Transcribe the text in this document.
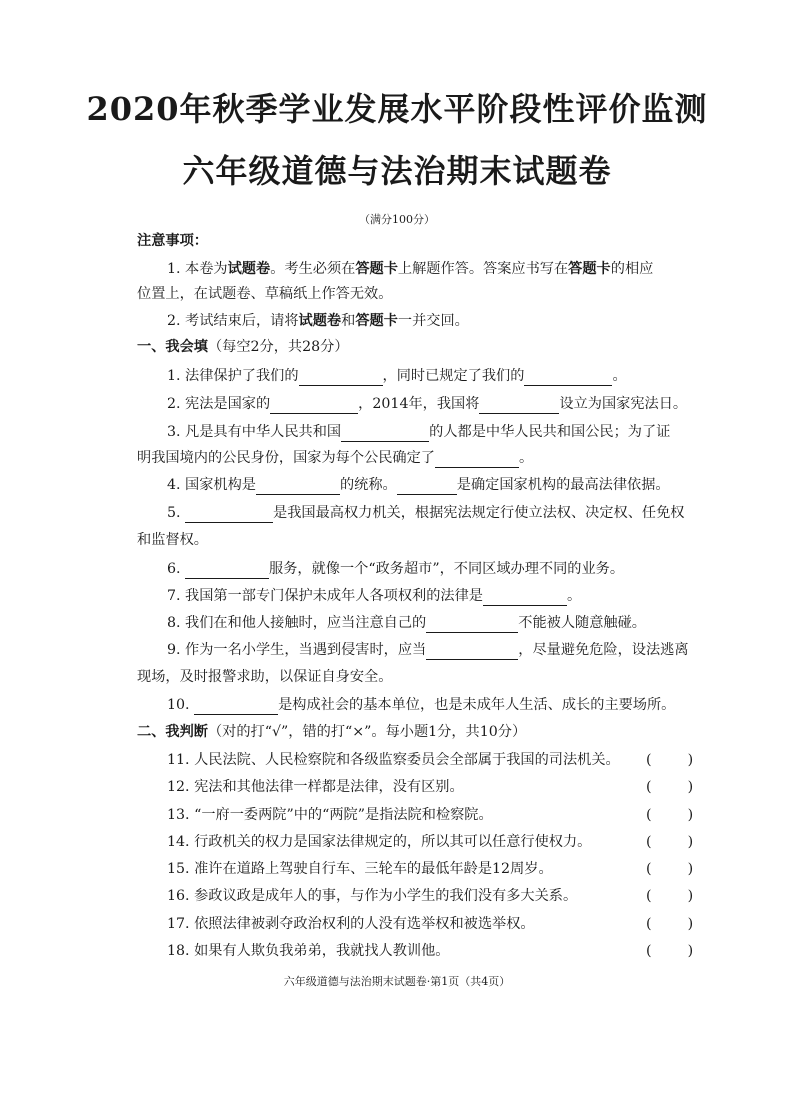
2020年秋季学业发展水平阶段性评价监测
六年级道德与法治期末试题卷
（满分100分）
注意事项：
1. 本卷为试题卷。考生必须在答题卡上解题作答。答案应书写在答题卡的相应
位置上，在试题卷、草稿纸上作答无效。
2. 考试结束后，请将试题卷和答题卡一并交回。
一、我会填（每空2分，共28分）
1. 法律保护了我们的	，同时已规定了我们的	。
2. 宪法是国家的	，2014年，我国将	设立为国家宪法日。
3. 凡是具有中华人民共和国	的人都是中华人民共和国公民；为了证
明我国境内的公民身份，国家为每个公民确定了	。
4. 国家机构是	的统称。	是确定国家机构的最高法律依据。
5.	是我国最高权力机关，根据宪法规定行使立法权、决定权、任免权
和监督权。
6.	服务，就像一个“政务超市”，不同区域办理不同的业务。
7. 我国第一部专门保护未成年人各项权利的法律是	。
8. 我们在和他人接触时，应当注意自己的	不能被人随意触碰。
9. 作为一名小学生，当遇到侵害时，应当	，尽量避免危险，设法逃离
现场，及时报警求助，以保证自身安全。
10.	是构成社会的基本单位，也是未成年人生活、成长的主要场所。
二、我判断（对的打“√”，错的打“×”。每小题1分，共10分）
11. 人民法院、人民检察院和各级监察委员会全部属于我国的司法机关。 (        )
12. 宪法和其他法律一样都是法律，没有区别。	(        )
13. “一府一委两院”中的“两院”是指法院和检察院。	(        )
14. 行政机关的权力是国家法律规定的，所以其可以任意行使权力。	(        )
15. 准许在道路上驾驶自行车、三轮车的最低年龄是12周岁。	(        )
16. 参政议政是成年人的事，与作为小学生的我们没有多大关系。	(        )
17. 依照法律被剥夺政治权利的人没有选举权和被选举权。	(        )
18. 如果有人欺负我弟弟，我就找人教训他。	(        )
六年级道德与法治期末试题卷·第1页（共4页）
